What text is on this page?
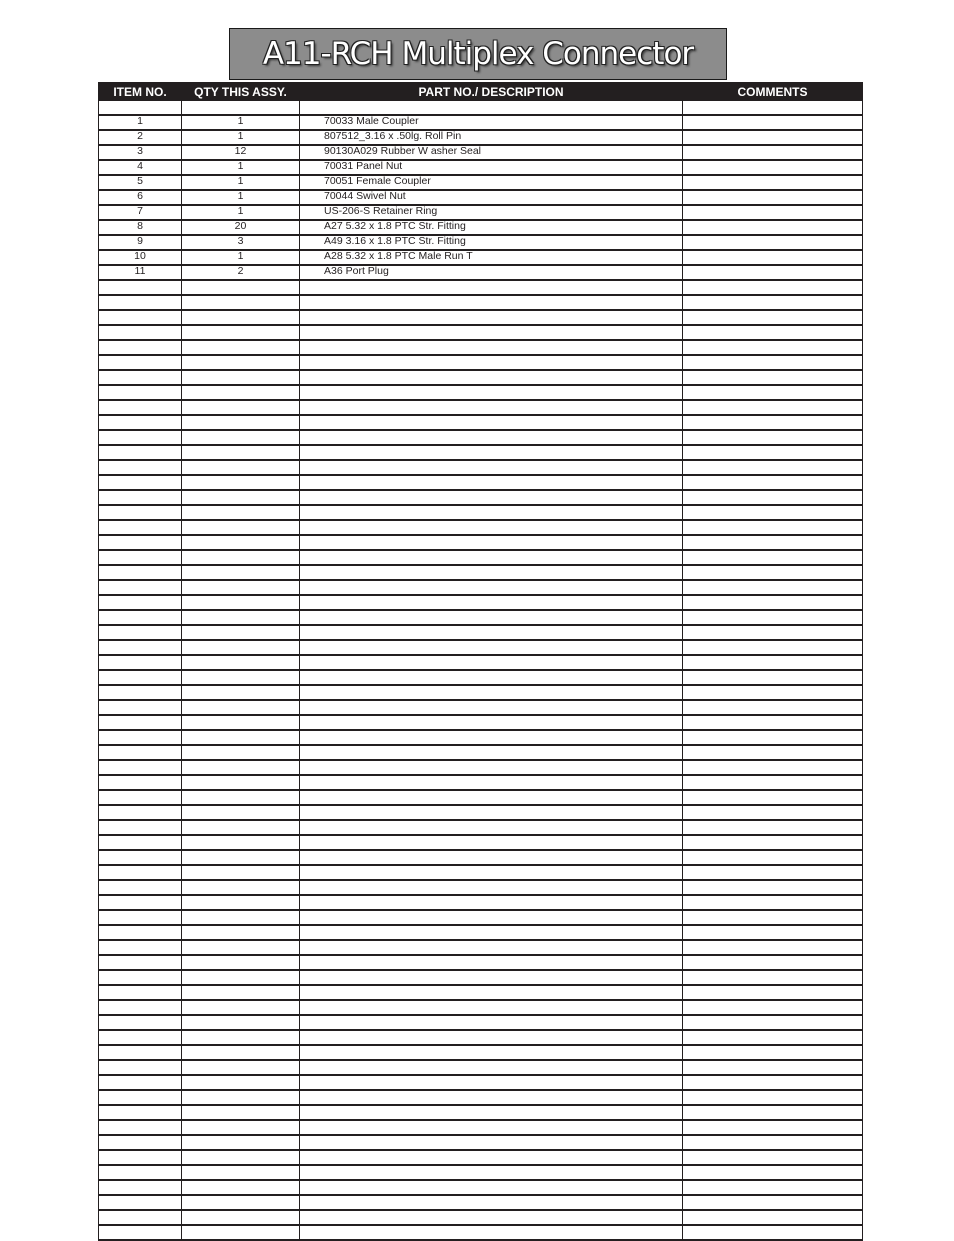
A11-RCH Multiplex Connector
ITEM NO.	QTY THIS ASSY.	PART NO./ DESCRIPTION	COMMENTS

1	1	70033 Male Coupler	
2	1	807512_3.16 x .50lg. Roll Pin	
3	12	90130A029 Rubber W asher Seal	
4	1	70031 Panel Nut	
5	1	70051 Female Coupler	
6	1	70044 Swivel Nut	
7	1	US-206-S Retainer Ring	
8	20	A27 5.32 x 1.8 PTC Str. Fitting	
9	3	A49 3.16 x 1.8 PTC Str. Fitting	
10	1	A28 5.32 x 1.8 PTC Male Run T	
11	2	A36 Port Plug	
